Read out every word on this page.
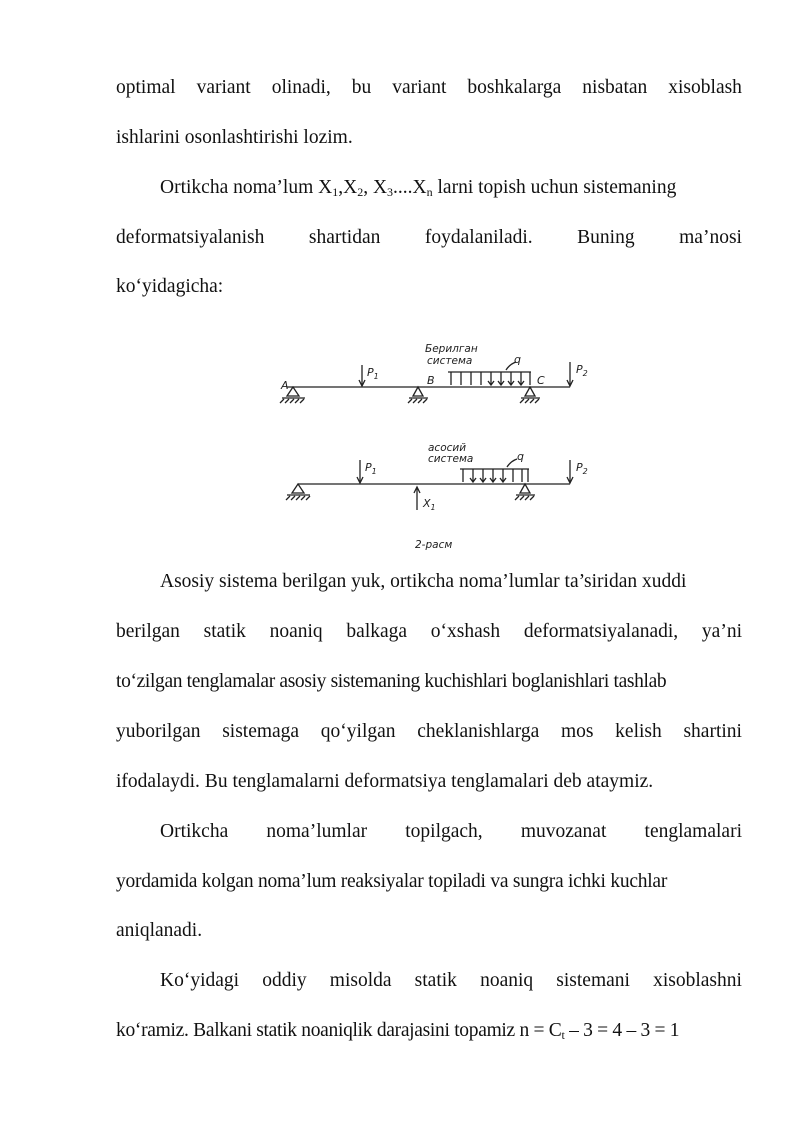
optimal variant olinadi, bu variant boshkalarga nisbatan xisoblash
ishlarini osonlashtirishi lozim.
Ortikcha noma’lum $X_1,X_2$, $X_3....X_n$ larni topish uchun sistemaning
deformatsiyalanish shartidan foydalaniladi. Buning ma’nosi
ko‘yidagicha:
Берилган
система
A	B	C
$P_1$
$P_2$
q
асосий
система
$P_1$	$P_2$
q
$X_1$
2-расм
Asosiy sistema berilgan yuk, ortikcha noma’lumlar ta’siridan xuddi
berilgan statik noaniq balkaga o‘xshash deformatsiyalanadi, ya’ni
to‘zilgan tenglamalar asosiy sistemaning kuchishlari boglanishlari tashlab
yuborilgan sistemaga qo‘yilgan cheklanishlarga mos kelish shartini
ifodalaydi. Bu tenglamalarni deformatsiya tenglamalari deb ataymiz.
Ortikcha noma’lumlar topilgach, muvozanat tenglamalari
yordamida kolgan noma’lum reaksiyalar topiladi va sungra ichki kuchlar
aniqlanadi.
Ko‘yidagi oddiy misolda statik noaniq sistemani xisoblashni
ko‘ramiz. Balkani statik noaniqlik darajasini topamiz $n = C_t - 3 = 4 - 3 = 1$
